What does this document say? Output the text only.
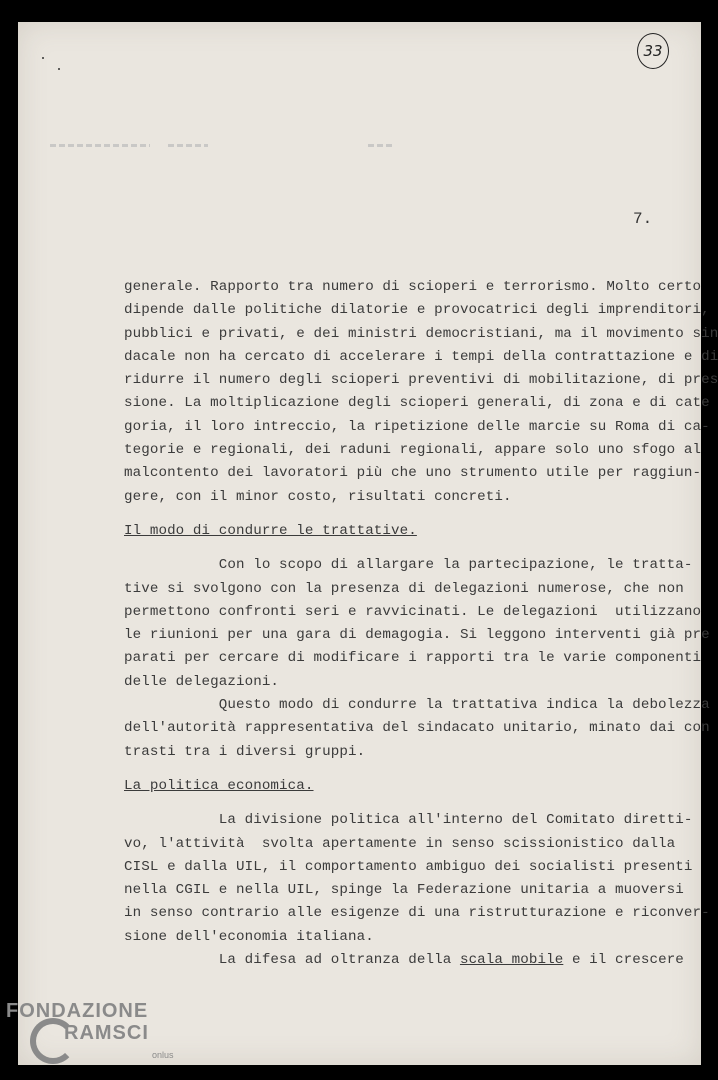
33
7.
generale. Rapporto tra numero di scioperi e terrorismo. Molto certo
dipende dalle politiche dilatorie e provocatrici degli imprenditori,
pubblici e privati, e dei ministri democristiani, ma il movimento sin
dacale non ha cercato di accelerare i tempi della contrattazione e di
ridurre il numero degli scioperi preventivi di mobilitazione, di pres
sione. La moltiplicazione degli scioperi generali, di zona e di cate
goria, il loro intreccio, la ripetizione delle marcie su Roma di ca-
tegorie e regionali, dei raduni regionali, appare solo uno sfogo al
malcontento dei lavoratori più che uno strumento utile per raggiun-
gere, con il minor costo, risultati concreti.
Il modo di condurre le trattative.
Con lo scopo di allargare la partecipazione, le tratta-
tive si svolgono con la presenza di delegazioni numerose, che non
permettono confronti seri e ravvicinati. Le delegazioni  utilizzano
le riunioni per una gara di demagogia. Si leggono interventi già pre
parati per cercare di modificare i rapporti tra le varie componenti
delle delegazioni.
Questo modo di condurre la trattativa indica la debolezza
dell'autorità rappresentativa del sindacato unitario, minato dai con
trasti tra i diversi gruppi.
La politica economica.
La divisione politica all'interno del Comitato diretti-
vo, l'attività  svolta apertamente in senso scissionistico dalla
CISL e dalla UIL, il comportamento ambiguo dei socialisti presenti
nella CGIL e nella UIL, spinge la Federazione unitaria a muoversi
in senso contrario alle esigenze di una ristrutturazione e riconver-
sione dell'economia italiana.
La difesa ad oltranza della scala mobile e il crescere
FONDAZIONE
RAMSCI
onlus
